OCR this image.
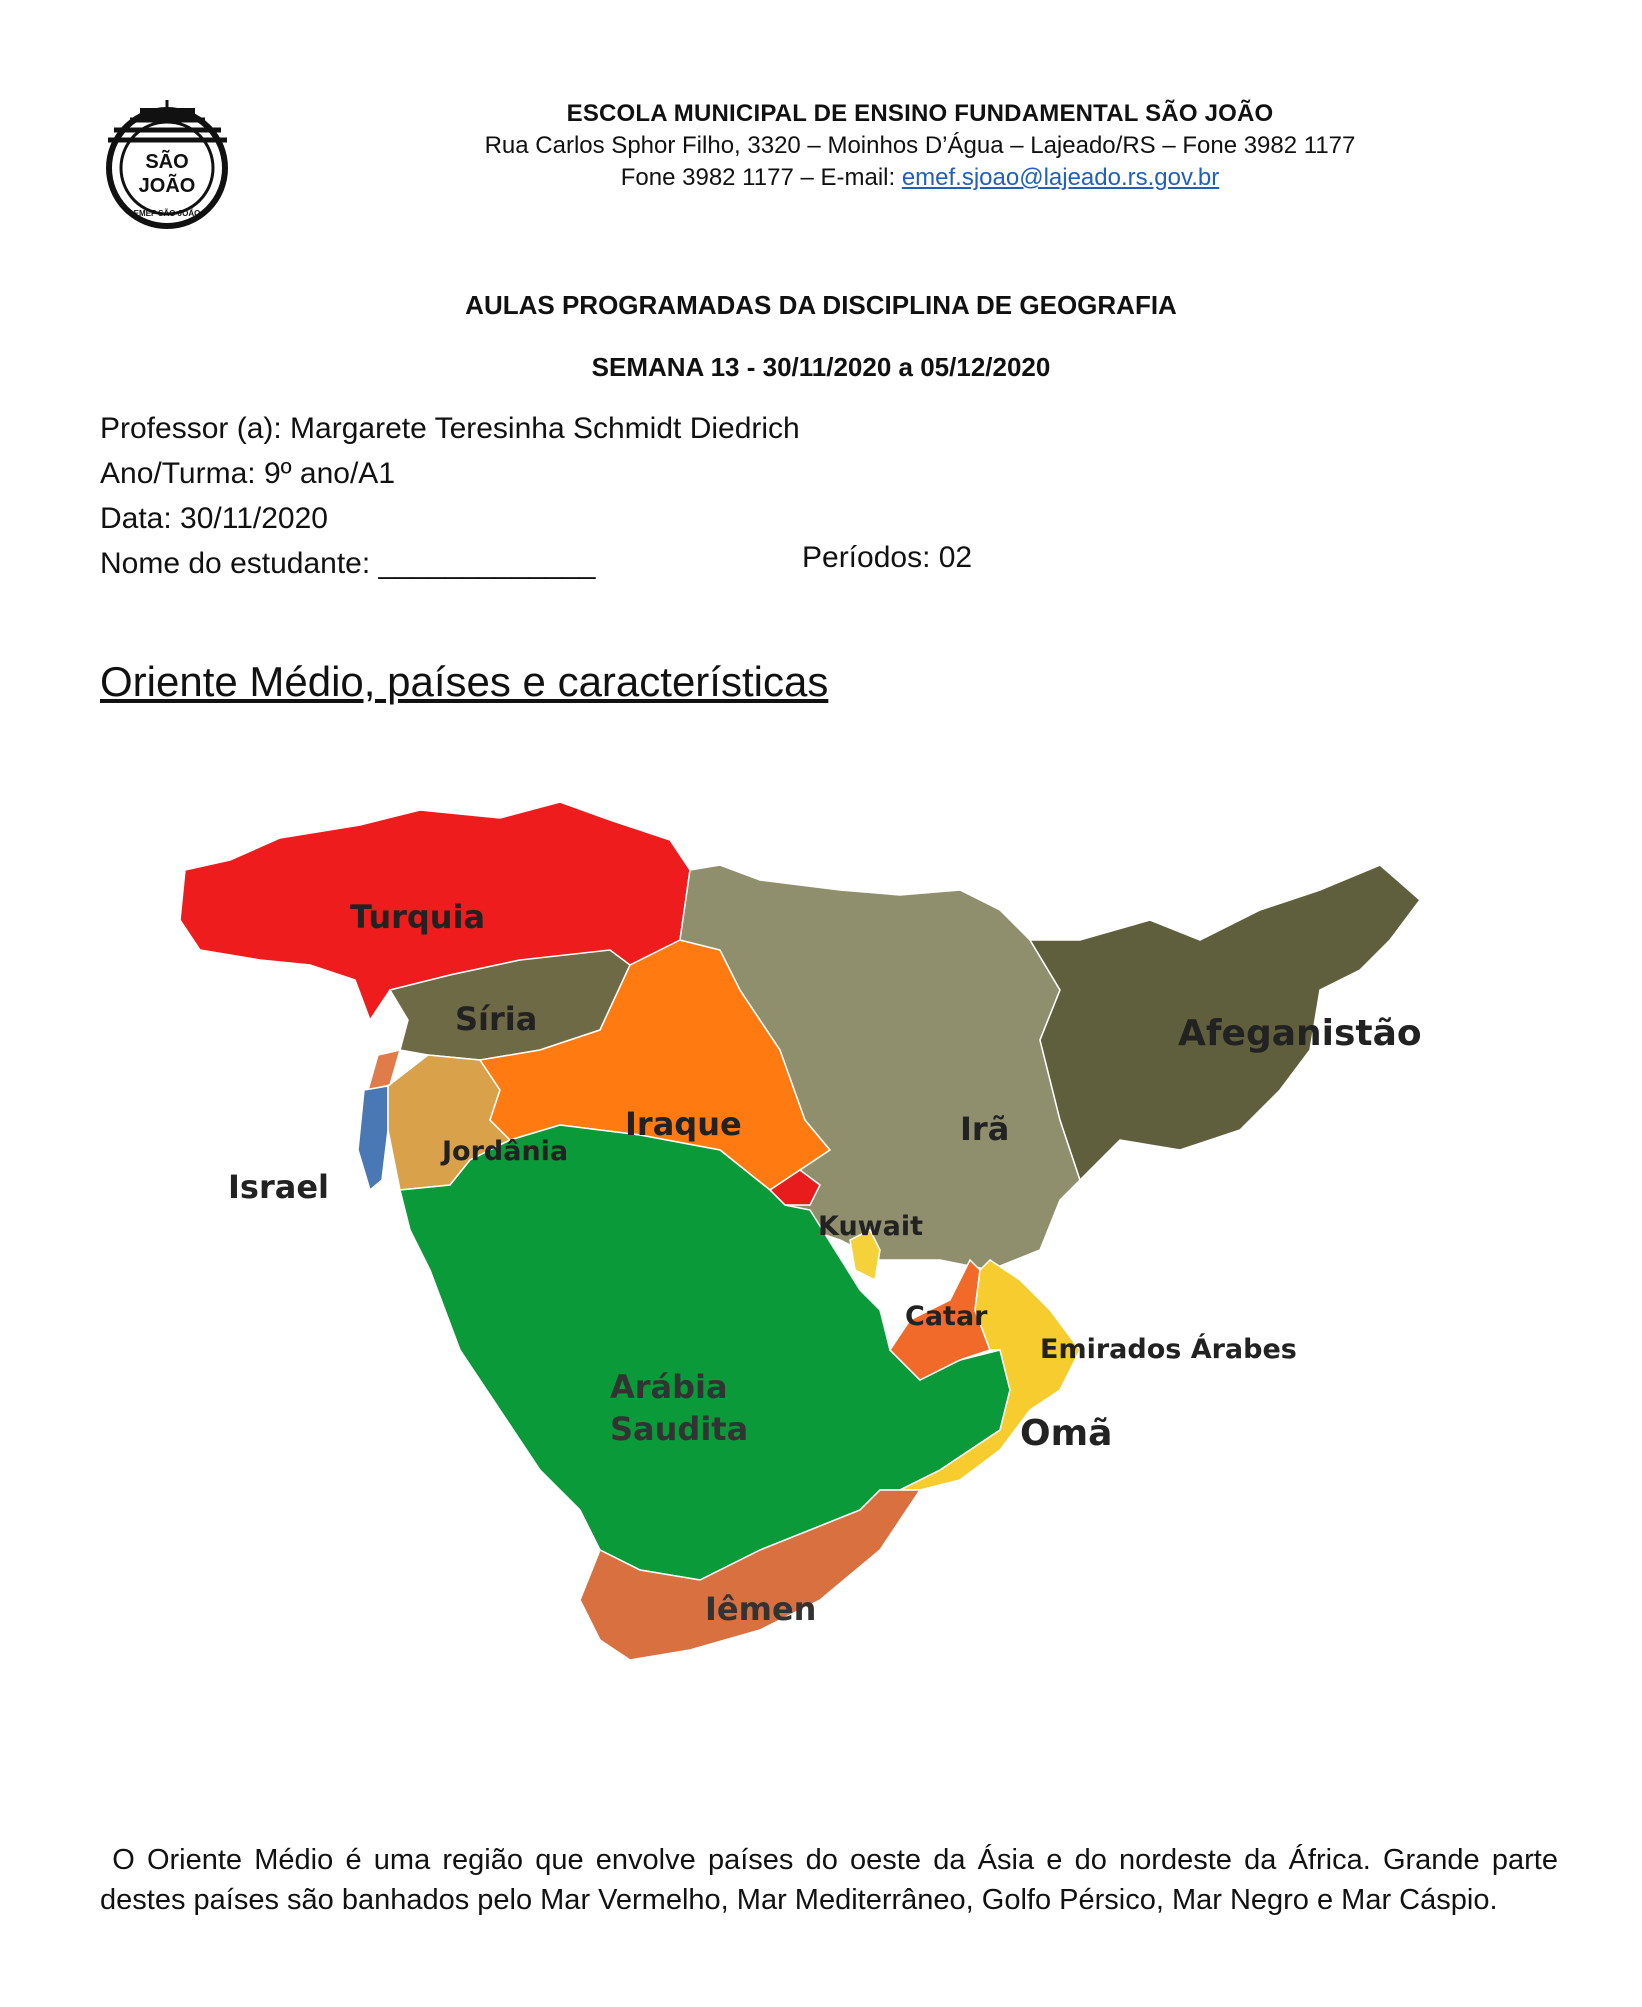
SÃO
JOÃO
EMEF SÃO JOÃO
ESCOLA MUNICIPAL DE ENSINO FUNDAMENTAL SÃO JOÃO
Rua Carlos Sphor Filho, 3320 – Moinhos D’Água – Lajeado/RS – Fone 3982 1177
Fone 3982 1177 – E-mail: emef.sjoao@lajeado.rs.gov.br
AULAS PROGRAMADAS DA DISCIPLINA DE GEOGRAFIA
SEMANA 13 - 30/11/2020 a 05/12/2020
Professor (a): Margarete Teresinha Schmidt Diedrich
Ano/Turma: 9º ano/A1
Data: 30/11/2020
Nome do estudante: _____________	Períodos: 02
Oriente Médio, países e características
Turquia
Síria
Iraque	Irã
Afeganistão
Jordânia
Israel
Kuwait
Catar
Emirados Árabes
Arábia
Saudita	Omã
Iêmen
O Oriente Médio é uma região que envolve países do oeste da Ásia e do nordeste da África. Grande parte destes países são banhados pelo Mar Vermelho, Mar Mediterrâneo, Golfo Pérsico, Mar Negro e Mar Cáspio.
